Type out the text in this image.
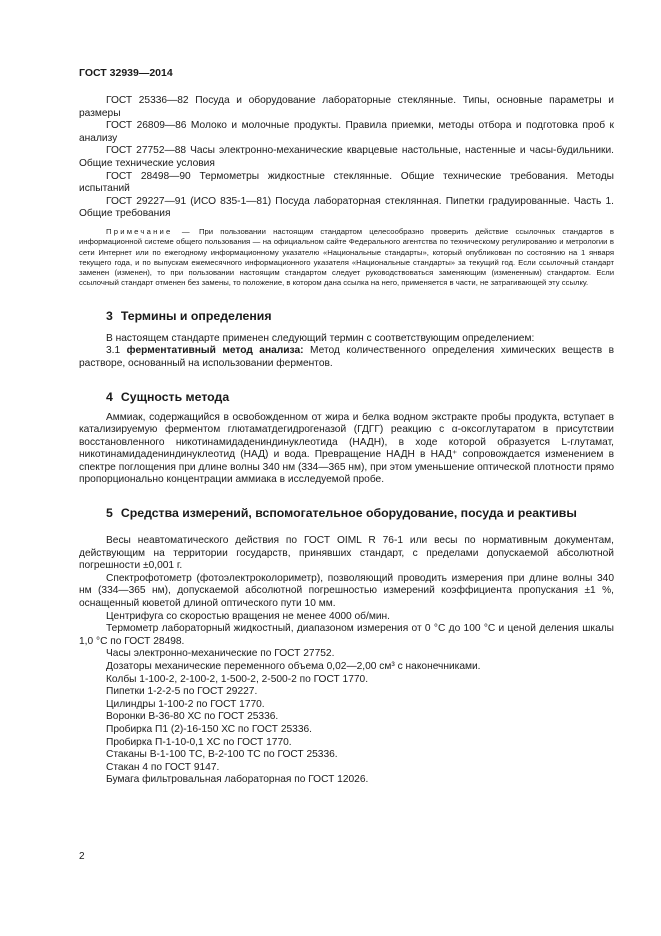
ГОСТ 32939—2014

ГОСТ 25336—82 Посуда и оборудование лабораторные стеклянные. Типы, основные параметры и размеры

ГОСТ 26809—86 Молоко и молочные продукты. Правила приемки, методы отбора и подготовка проб к анализу

ГОСТ 27752—88 Часы электронно-механические кварцевые настольные, настенные и часы-будильники. Общие технические условия

ГОСТ 28498—90 Термометры жидкостные стеклянные. Общие технические требования. Методы испытаний

ГОСТ 29227—91 (ИСО 835-1—81) Посуда лабораторная стеклянная. Пипетки градуированные. Часть 1. Общие требования

Примечание — При пользовании настоящим стандартом целесообразно проверить действие ссылочных стандартов в информационной системе общего пользования — на официальном сайте Федерального агентства по техническому регулированию и метрологии в сети Интернет или по ежегодному информационному указателю «Национальные стандарты», который опубликован по состоянию на 1 января текущего года, и по выпускам ежемесячного информационного указателя «Национальные стандарты» за текущий год. Если ссылочный стандарт заменен (изменен), то при пользовании настоящим стандартом следует руководствоваться заменяющим (измененным) стандартом. Если ссылочный стандарт отменен без замены, то положение, в котором дана ссылка на него, применяется в части, не затрагивающей эту ссылку.

3 Термины и определения

В настоящем стандарте применен следующий термин с соответствующим определением:

3.1 ферментативный метод анализа: Метод количественного определения химических веществ в растворе, основанный на использовании ферментов.

4 Сущность метода

Аммиак, содержащийся в освобожденном от жира и белка водном экстракте пробы продукта, вступает в катализируемую ферментом глютаматдегидрогеназой (ГДГГ) реакцию с α-оксоглутаратом в присутствии восстановленного никотинамидадениндинуклеотида (НАДН), в ходе которой образуется L-глутамат, никотинамидадениндинуклеотид (НАД) и вода. Превращение НАДН в НАД⁺ сопровождается изменением в спектре поглощения при длине волны 340 нм (334—365 нм), при этом уменьшение оптической плотности прямо пропорционально концентрации аммиака в исследуемой пробе.

5 Средства измерений, вспомогательное оборудование, посуда и реактивы

Весы неавтоматического действия по ГОСТ OIML R 76-1 или весы по нормативным документам, действующим на территории государств, принявших стандарт, с пределами допускаемой абсолютной погрешности ±0,001 г.

Спектрофотометр (фотоэлектроколориметр), позволяющий проводить измерения при длине волны 340 нм (334—365 нм), допускаемой абсолютной погрешностью измерений коэффициента пропускания ±1 %, оснащенный кюветой длиной оптического пути 10 мм.

Центрифуга со скоростью вращения не менее 4000 об/мин.

Термометр лабораторный жидкостный, диапазоном измерения от 0 °С до 100 °С и ценой деления шкалы 1,0 °С по ГОСТ 28498.

Часы электронно-механические по ГОСТ 27752.

Дозаторы механические переменного объема 0,02—2,00 см³ с наконечниками.

Колбы 1-100-2, 2-100-2, 1-500-2, 2-500-2 по ГОСТ 1770.

Пипетки 1-2-2-5 по ГОСТ 29227.

Цилиндры 1-100-2 по ГОСТ 1770.

Воронки В-36-80 ХС по ГОСТ 25336.

Пробирка П1 (2)-16-150 ХС по ГОСТ 25336.

Пробирка П-1-10-0,1 ХС по ГОСТ 1770.

Стаканы В-1-100 ТС, В-2-100 ТС по ГОСТ 25336.

Стакан 4 по ГОСТ 9147.

Бумага фильтровальная лабораторная по ГОСТ 12026.

2
